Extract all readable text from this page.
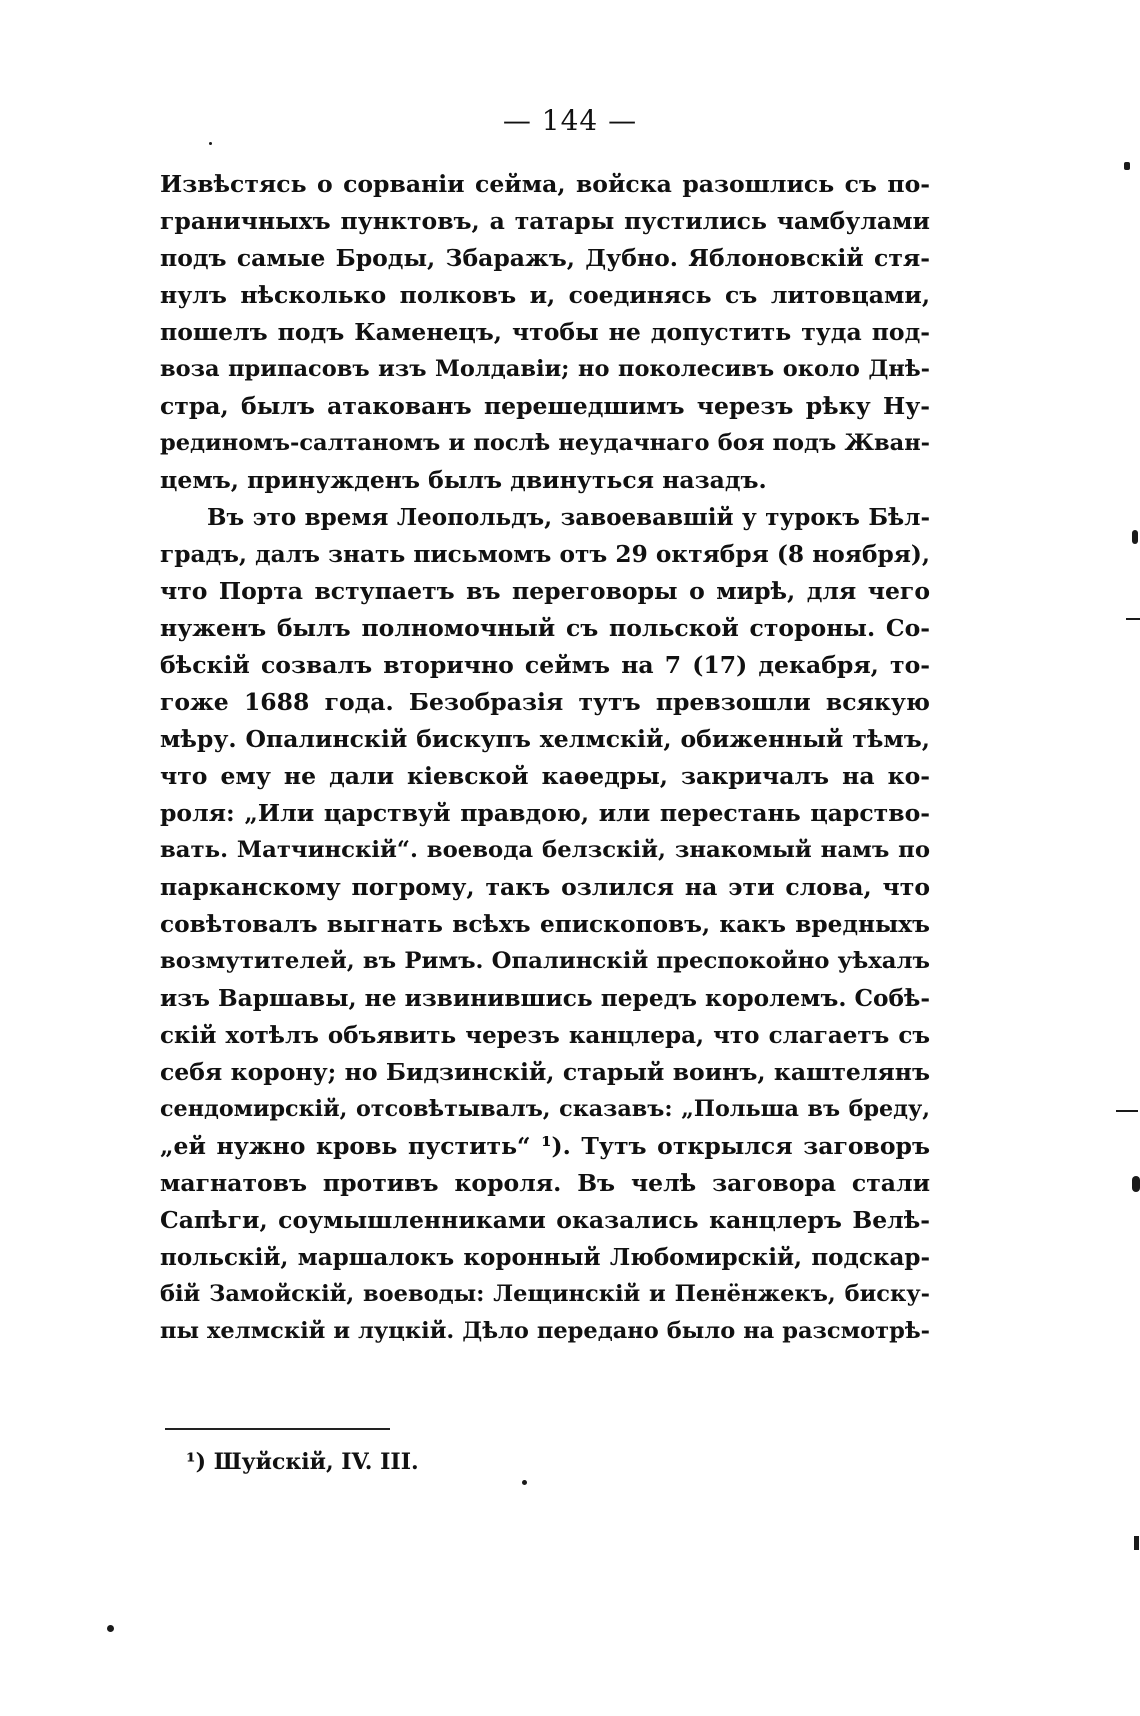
— 144 —
Извѣстясь о сорваніи сейма, войска разошлись съ по-
граничныхъ пунктовъ, а татары пустились чамбулами
подъ самые Броды, Збаражъ, Дубно. Яблоновскій стя-
нулъ нѣсколько полковъ и, соединясь съ литовцами,
пошелъ подъ Каменецъ, чтобы не допустить туда под-
воза припасовъ изъ Молдавіи; но поколесивъ около Днѣ-
стра, былъ атакованъ перешедшимъ черезъ рѣку Ну-
рединомъ-салтаномъ и послѣ неудачнаго боя подъ Жван-
цемъ, принужденъ былъ двинуться назадъ.
Въ это время Леопольдъ, завоевавшій у турокъ Бѣл-
градъ, далъ знать письмомъ отъ 29 октября (8 ноября),
что Порта вступаетъ въ переговоры о мирѣ, для чего
нуженъ былъ полномочный съ польской стороны. Со-
бѣскій созвалъ вторично сеймъ на 7 (17) декабря, то-
гоже 1688 года. Безобразія тутъ превзошли всякую
мѣру. Опалинскій бискупъ хелмскій, обиженный тѣмъ,
что ему не дали кіевской каѳедры, закричалъ на ко-
роля: „Или царствуй правдою, или перестань царство-
вать. Матчинскій“. воевода белзскій, знакомый намъ по
парканскому погрому, такъ озлился на эти слова, что
совѣтовалъ выгнать всѣхъ епископовъ, какъ вредныхъ
возмутителей, въ Римъ. Опалинскій преспокойно уѣхалъ
изъ Варшавы, не извинившись передъ королемъ. Собѣ-
скій хотѣлъ объявить черезъ канцлера, что слагаетъ съ
себя корону; но Бидзинскій, старый воинъ, каштелянъ
сендомирскій, отсовѣтывалъ, сказавъ: „Польша въ бреду,
„ей нужно кровь пустить“ ¹). Тутъ открылся заговоръ
магнатовъ противъ короля. Въ челѣ заговора стали
Сапѣги, соумышленниками оказались канцлеръ Велѣ-
польскій, маршалокъ коронный Любомирскій, подскар-
бій Замойскій, воеводы: Лещинскій и Пенёнжекъ, биску-
пы хелмскій и луцкій. Дѣло передано было на разсмотрѣ-
¹) Шуйскій, IV. III.
